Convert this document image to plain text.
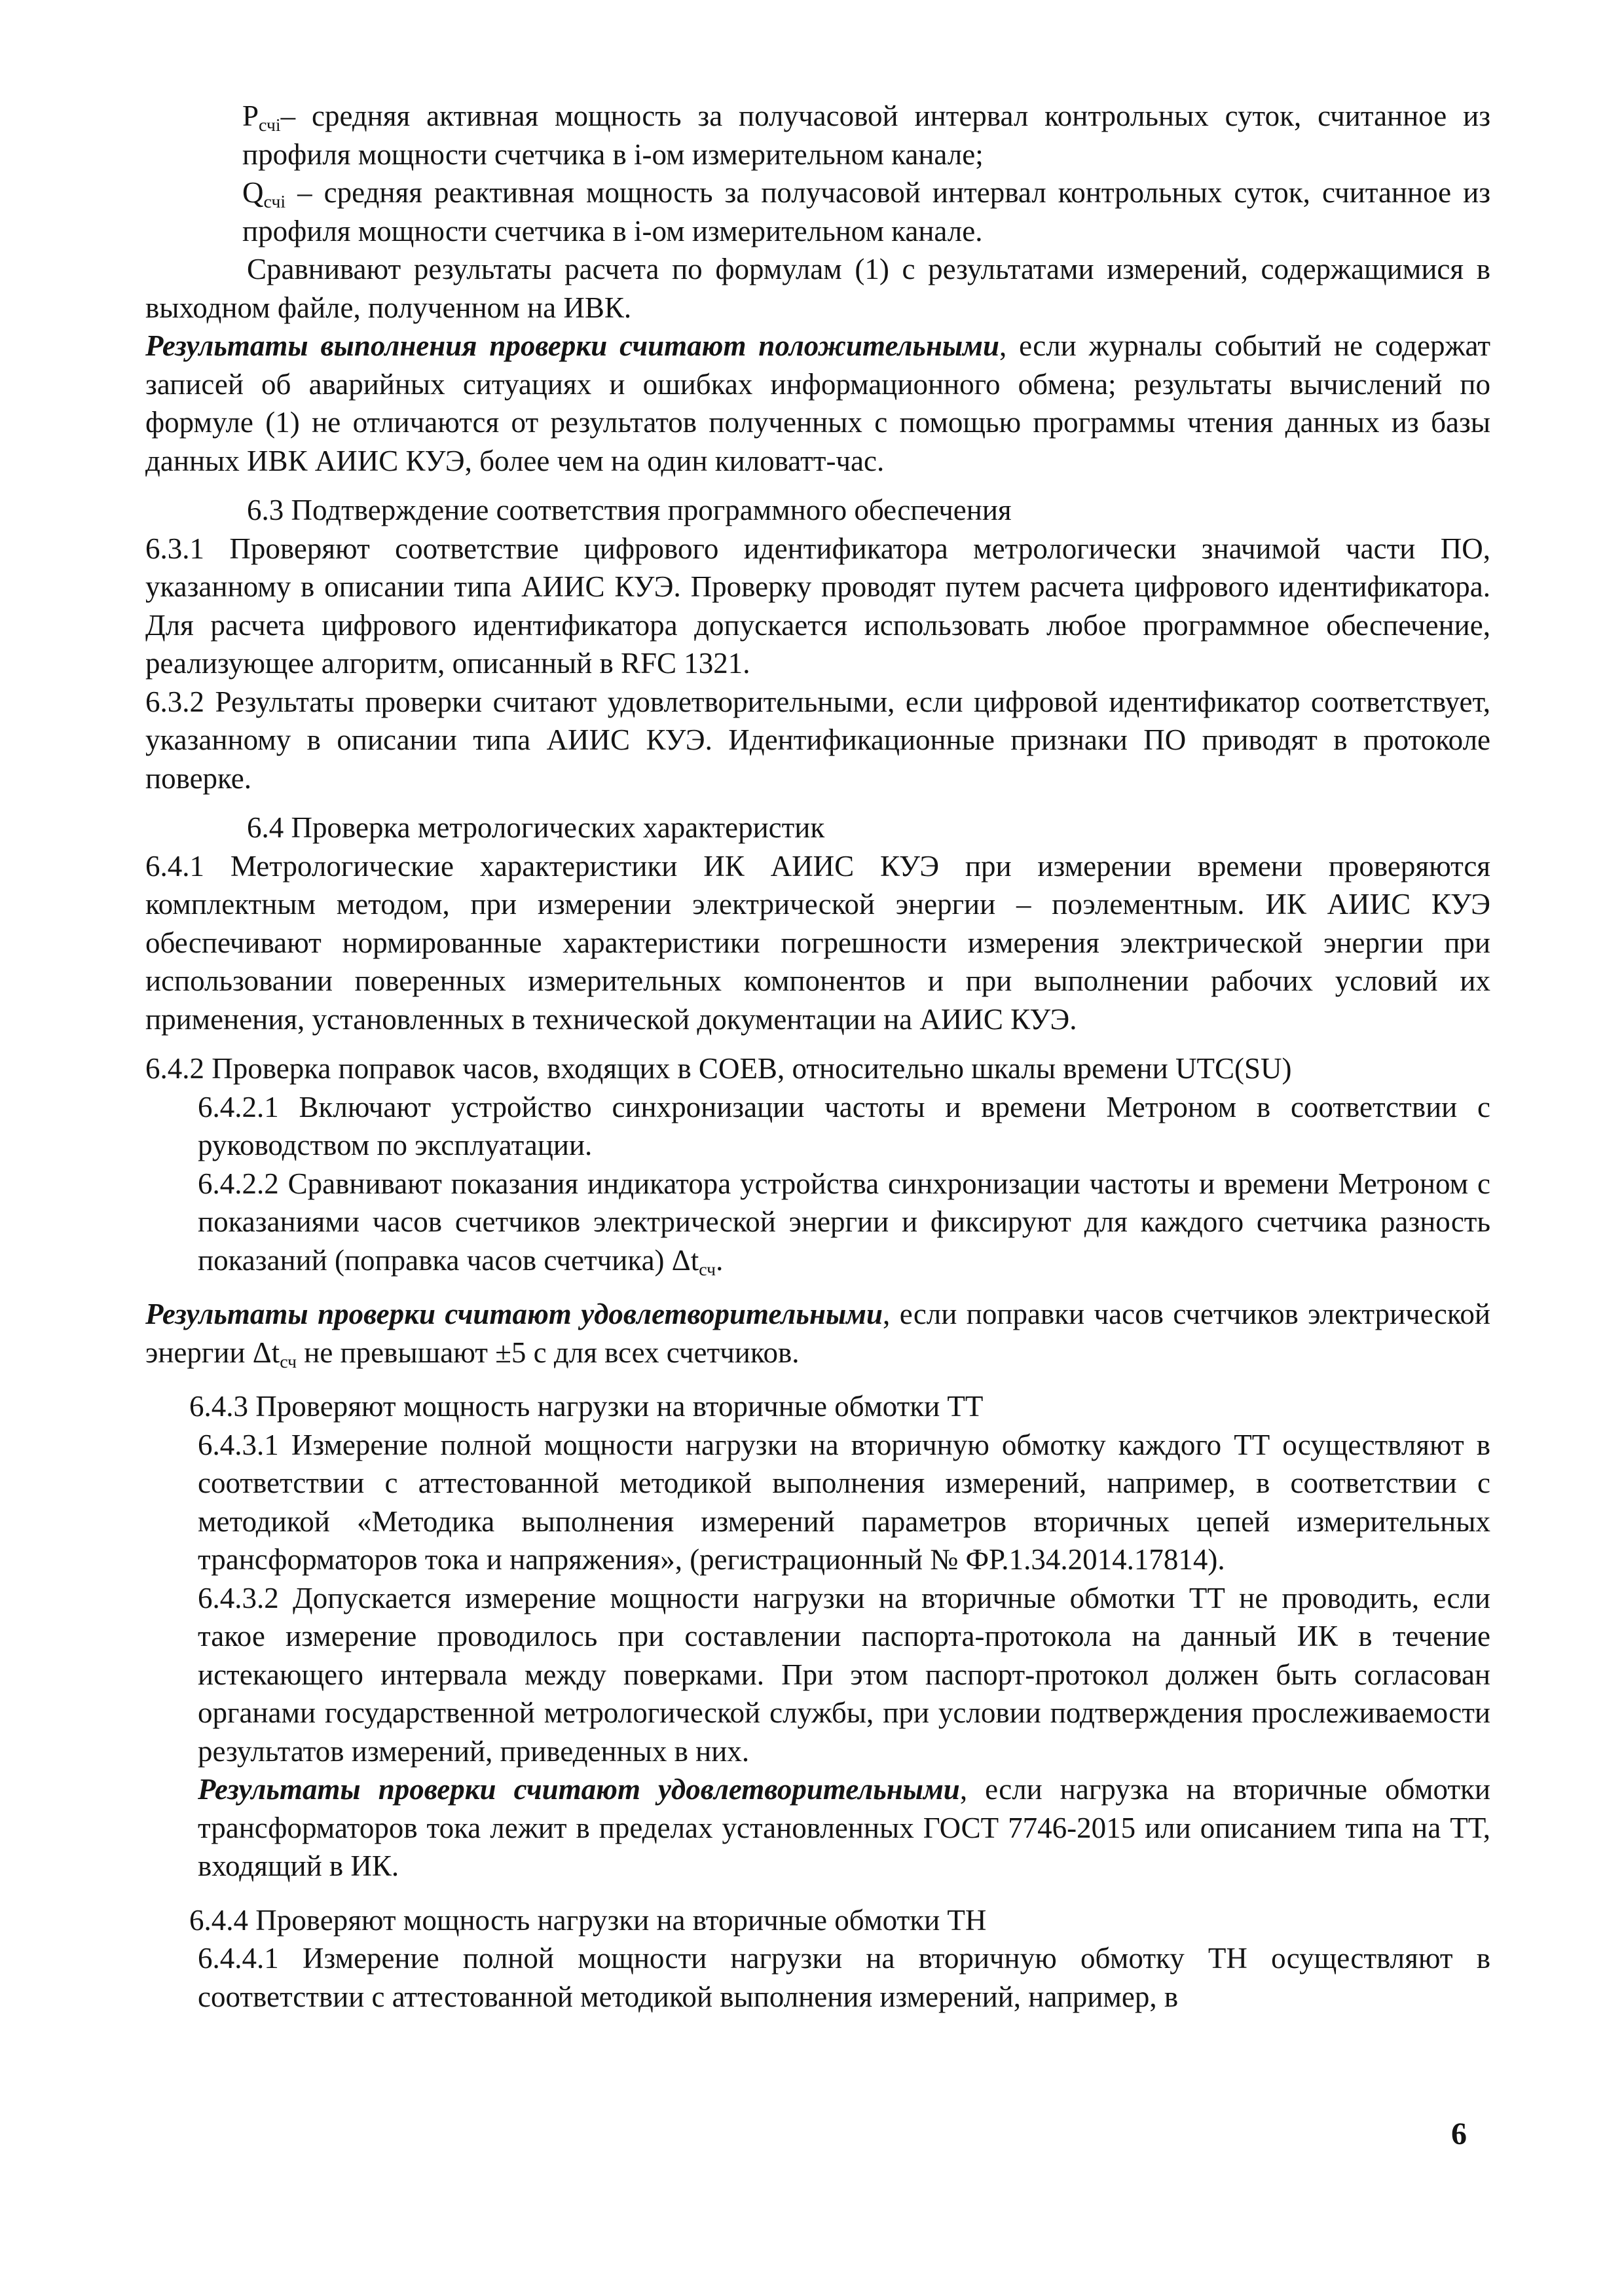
$P_{счi}-$ средняя активная мощность за получасовой интервал контрольных суток, считанное из профиля мощности счетчика в i-ом измерительном канале;

$Q_{счi}$ – средняя реактивная мощность за получасовой интервал контрольных суток, считанное из профиля мощности счетчика в i-ом измерительном канале.

Сравнивают результаты расчета по формулам (1) с результатами измерений, содержащимися в выходном файле, полученном на ИВК.

Результаты выполнения проверки считают положительными, если журналы событий не содержат записей об аварийных ситуациях и ошибках информационного обмена; результаты вычислений по формуле (1) не отличаются от результатов полученных с помощью программы чтения данных из базы данных ИВК АИИС КУЭ, более чем на один киловатт-час.

6.3 Подтверждение соответствия программного обеспечения

6.3.1 Проверяют соответствие цифрового идентификатора метрологически значимой части ПО, указанному в описании типа АИИС КУЭ. Проверку проводят путем расчета цифрового идентификатора. Для расчета цифрового идентификатора допускается использовать любое программное обеспечение, реализующее алгоритм, описанный в RFC 1321.

6.3.2 Результаты проверки считают удовлетворительными, если цифровой идентификатор соответствует, указанному в описании типа АИИС КУЭ. Идентификационные признаки ПО приводят в протоколе поверке.

6.4 Проверка метрологических характеристик

6.4.1 Метрологические характеристики ИК АИИС КУЭ при измерении времени проверяются комплектным методом, при измерении электрической энергии – поэлементным. ИК АИИС КУЭ обеспечивают нормированные характеристики погрешности измерения электрической энергии при использовании поверенных измерительных компонентов и при выполнении рабочих условий их применения, установленных в технической документации на АИИС КУЭ.

6.4.2 Проверка поправок часов, входящих в СОЕВ, относительно шкалы времени UTC(SU)

6.4.2.1 Включают устройство синхронизации частоты и времени Метроном в соответствии с руководством по эксплуатации.

6.4.2.2 Сравнивают показания индикатора устройства синхронизации частоты и времени Метроном с показаниями часов счетчиков электрической энергии и фиксируют для каждого счетчика разность показаний (поправка часов счетчика) $\Delta t_{сч}$.

Результаты проверки считают удовлетворительными, если поправки часов счетчиков электрической энергии $\Delta t_{сч}$ не превышают ±5 с для всех счетчиков.

6.4.3 Проверяют мощность нагрузки на вторичные обмотки ТТ

6.4.3.1 Измерение полной мощности нагрузки на вторичную обмотку каждого ТТ осуществляют в соответствии с аттестованной методикой выполнения измерений, например, в соответствии с методикой «Методика выполнения измерений параметров вторичных цепей измерительных трансформаторов тока и напряжения», (регистрационный № ФР.1.34.2014.17814).

6.4.3.2 Допускается измерение мощности нагрузки на вторичные обмотки ТТ не проводить, если такое измерение проводилось при составлении паспорта-протокола на данный ИК в течение истекающего интервала между поверками. При этом паспорт-протокол должен быть согласован органами государственной метрологической службы, при условии подтверждения прослеживаемости результатов измерений, приведенных в них.

Результаты проверки считают удовлетворительными, если нагрузка на вторичные обмотки трансформаторов тока лежит в пределах установленных ГОСТ 7746-2015 или описанием типа на ТТ, входящий в ИК.

6.4.4 Проверяют мощность нагрузки на вторичные обмотки ТН

6.4.4.1 Измерение полной мощности нагрузки на вторичную обмотку ТН осуществляют в соответствии с аттестованной методикой выполнения измерений, например, в

6
